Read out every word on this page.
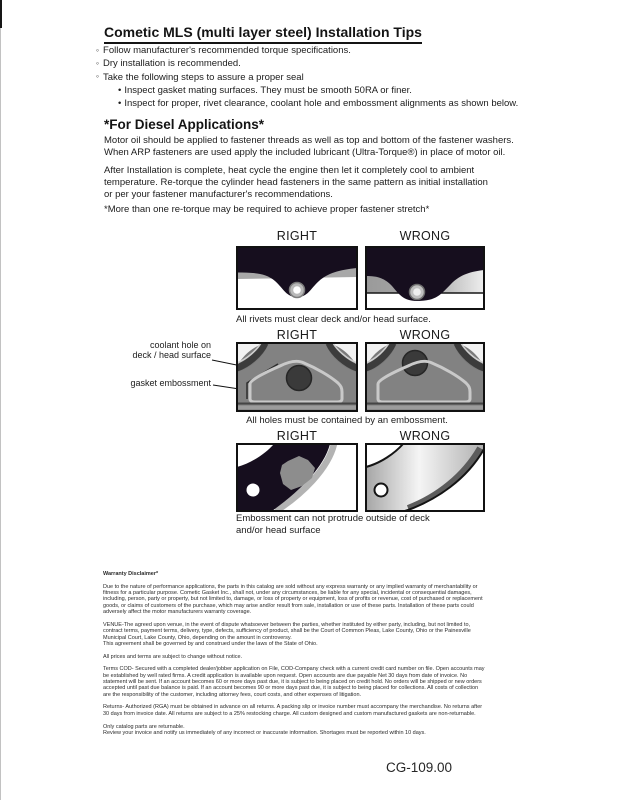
Cometic MLS (multi layer steel) Installation Tips
◦ Follow manufacturer's recommended torque specifications.
◦ Dry installation is recommended.
◦ Take the following steps to assure a proper seal
• Inspect gasket mating surfaces. They must be smooth 50RA or finer.
• Inspect for proper, rivet clearance, coolant hole and embossment alignments as shown below.
*For Diesel Applications*
Motor oil should be applied to fastener threads as well as top and bottom of the fastener washers.
When ARP fasteners are used apply the included lubricant (Ultra-Torque®) in place of motor oil.
After Installation is complete, heat cycle the engine then let it completely cool to ambient
temperature. Re-torque the cylinder head fasteners in the same pattern as initial installation
or per your fastener manufacturer's recommendations.
*More than one re-torque may be required to achieve proper fastener stretch*
RIGHT	WRONG
All rivets must clear deck and/or head surface.
RIGHT	WRONG
coolant hole on
deck / head surface
gasket embossment
All holes must be contained by an embossment.
RIGHT	WRONG
Embossment can not protrude outside of deck
and/or head surface
Warranty Disclaimer*
Due to the nature of performance applications, the parts in this catalog are sold without any express warranty or any implied warranty of merchantability or
fitness for a particular purpose. Cometic Gasket Inc., shall not, under any circumstances, be liable for any special, incidental or consequential damages,
including, person, party or property, but not limited to, damage, or loss of property or equipment, loss of profits or revenue, cost of purchased or replacement
goods, or claims of customers of the purchase, which may arise and/or result from sale, installation or use of these parts. Installation of these parts could
adversely affect the motor manufacturers warranty coverage.
VENUE-The agreed upon venue, in the event of dispute whatsoever between the parties, whether instituted by either party, including, but not limited to,
contract terms, payment terms, delivery, type, defects, sufficiency of product, shall be the Court of Common Pleas, Lake County, Ohio or the Painesville
Municipal Court, Lake County, Ohio, depending on the amount in controversy.
This agreement shall be governed by and construed under the laws of the State of Ohio.
All prices and terms are subject to change without notice.
Terms COD- Secured with a completed dealer/jobber application on File, COD-Company check with a current credit card number on file. Open accounts may
be established by well rated firms. A credit application is available upon request. Open accounts are due payable Net 30 days from date of invoice. No
statement will be sent. If an account becomes 60 or more days past due, it is subject to being placed on credit hold. No orders will be shipped or new orders
accepted until past due balance is paid. If an account becomes 90 or more days past due, it is subject to being placed for collections. All costs of collection
are the responsibility of the customer, including attorney fees, court costs, and other expenses of litigation.
Returns- Authorized (RGA) must be obtained in advance on all returns. A packing slip or invoice number must accompany the merchandise. No returns after
30 days from invoice date. All returns are subject to a 25% restocking charge. All custom designed and custom manufactured gaskets are non-returnable.
Only catalog parts are returnable.
Review your invoice and notify us immediately of any incorrect or inaccurate information. Shortages must be reported within 10 days.
CG-109.00
